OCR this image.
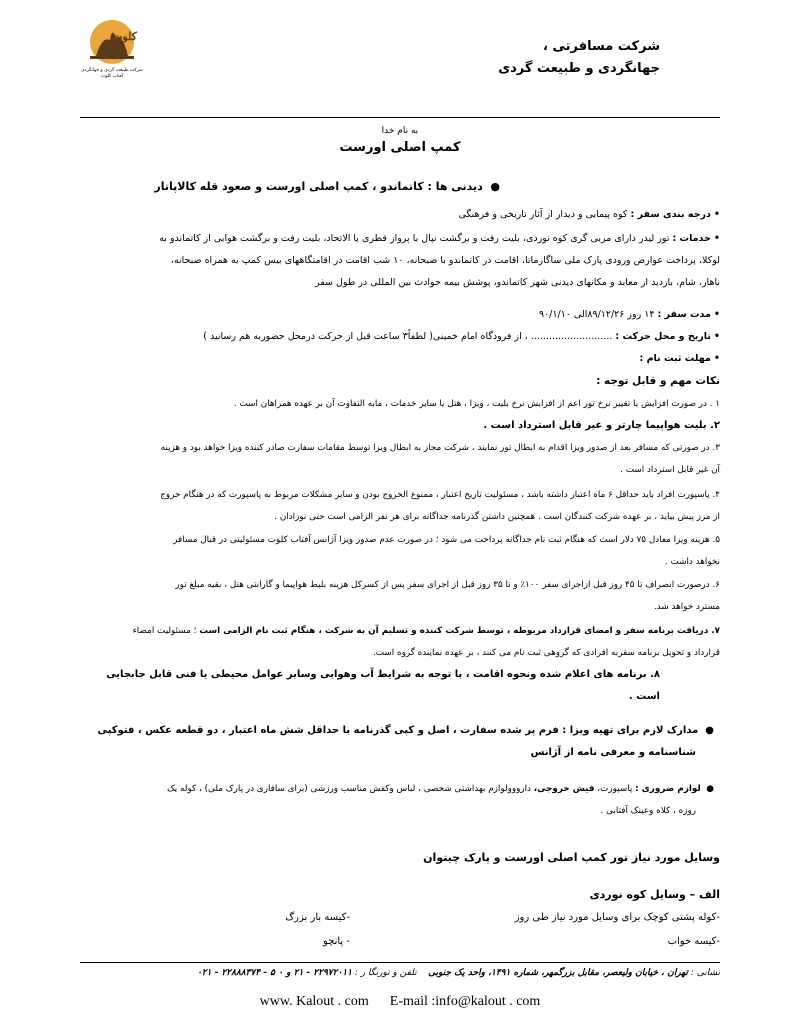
کلوت
شرکت طبیعت گردی و جهانگردی آفتاب کلوت
شرکت مسافرتی ،
جهانگردی و طبیعت گردی
به نام خدا
کمپ اصلی اورست
●  دیدنی ها : کاتماندو ، کمپ اصلی اورست و صعود قله کالاپاتار
• درجه بندی سفر : کوه پیمایی و دیدار از آثار تاریخی و فرهنگی
• خدمات : تور لیدر دارای مربی گری کوه نوردی، بلیت رفت و برگشت نپال با پرواز قطری یا الاتحاد، بلیت رفت و برگشت هوایی از کاتماندو به
لوکلا، پرداخت عوارض ورودی پارک ملی ساگارماتا، اقامت در کاتماندو با صبحانه، ۱۰ شب اقامت در اقامتگاههای بیس کمپ به همراه صبحانه،
ناهار، شام، بازدید از معابد و مکانهای دیدنی شهر کاتماندو، پوشش بیمه حوادث بین المللی در طول سفر
• مدت سفر : ۱۴ روز ۸۹/۱۲/۲۶الی ۹۰/۱/۱۰
• تاریخ و محل حرکت : ........................... ، از فرودگاه امام خمینی( لطفاً۳ ساعت قبل از حرکت درمحل حضوربه هم رسانید )
• مهلت ثبت نام :
نکات مهم و قابل توجه :
۱ . در صورت افزایش یا تغییر نرخ تور اعم از افزایش نرخ بلیت ، ویزا ، هتل یا سایر خدمات ، مابه التفاوت آن بر عهده همراهان است .
۲. بلیت هواپیما چارتر و غیر قابل استرداد است .
۳. در صورتی که مسافر بعد از صدور ویزا اقدام به ابطال تور نمایند ، شرکت مجاز به ابطال ویزا توسط مقامات سفارت صادر کننده ویزا خواهد بود و هزینه
آن غیر قابل استرداد است .
۴. پاسپورت افراد باید حداقل ۶ ماه اعتبار داشته باشد ، مسئولیت تاریخ اعتبار ، ممنوع الخروج بودن و سایر مشکلات مربوط به پاسپورت که در هنگام خروج
از مرز پیش بیاید ، بر عهده شرکت کنندگان است . همچنین داشتن گذرنامه جداگانه برای هر نفر الزامی است حتی نوزادان .
۵. هزینه ویزا معادل ۷۵ دلار است که هنگام ثبت نام جداگانه پرداخت می شود ؛ در صورت عدم صدور ویزا آژانس آفتاب کلوت مسئولیتی در قبال مسافر
نخواهد داشت .
۶. درصورت انصراف تا ۴۵ روز قبل ازاجرای سفر ۱۰۰٪ و تا ۳۵ روز قبل از اجرای سفر پس از کسرکل هزینه بلیط هواپیما و گارانتی هتل ، بقیه مبلغ تور
مسترد خواهد شد.
۷. دریافت برنامه سفر و امضای قرارداد مربوطه ، توسط شرکت کننده و تسلیم آن به شرکت ، هنگام ثبت نام الزامی است ؛ مسئولیت امضاء
قرارداد و تحویل برنامه سفربه افرادی که گروهی ثبت نام می کنند ، بر عهده نماینده گروه است.
۸. برنامه های اعلام شده ونحوه اقامت ، با توجه به شرایط آب وهوایی وسایر عوامل محیطی یا فنی قابل جابجایی است .
●  مدارک لازم برای تهیه ویزا : فرم پر شده سفارت ، اصل و کپی گذرنامه با حداقل شش ماه اعتبار ، دو قطعه عکس ، فتوکپی
شناسنامه و معرفی نامه از آژانس
●  لوازم ضروری : پاسپورت، فیش خروجی، دارووولوازم بهداشتی شخصی ، لباس وکفش مناسب ورزشی (برای سافاری در پارک ملی) ، کوله یک
روزه ، کلاه وعینک آفتابی .
وسایل مورد نیاز تور کمپ اصلی اورست و پارک چیتوان
الف – وسایل کوه نوردی
-کوله پشتی کوچک برای وسایل مورد نیاز طی روز
-کیسه بار بزرگ
-کیسه خواب
- پانچو
نشانی : تهران ، خیابان ولیعصر، مقابل بزرگمهر، شماره ۱۴۹۱، واحد یک جنوبی    تلفن و نورنگا ر : ۲۲۹۷۲۰۱۱ - ۲۱ و ۰ ۵ - ۲۲۸۸۸۳۷۴ - ۰۲۱
www. Kalout . com E-mail :info@kalout . com
